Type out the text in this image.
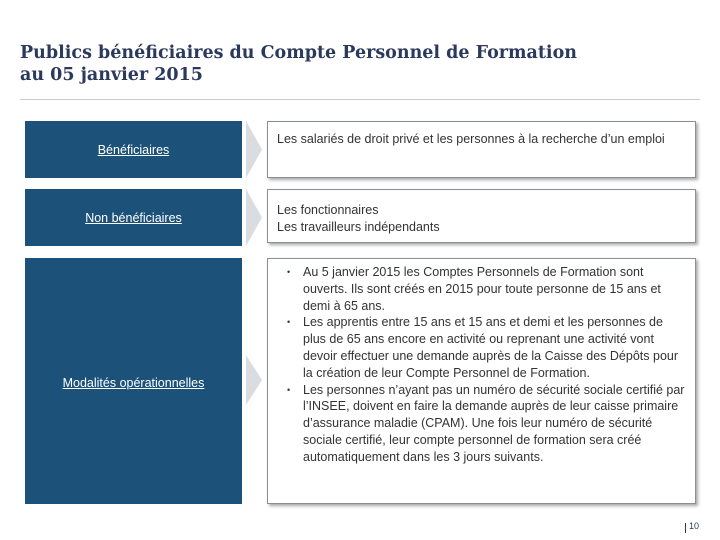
Publics bénéficiaires du Compte Personnel de Formation
au 05 janvier 2015
Bénéficiaires
Les salariés de droit privé et les personnes à la recherche d’un emploi
Non bénéficiaires
Les fonctionnaires
Les travailleurs indépendants
Modalités opérationnelles
• Au 5 janvier 2015 les Comptes Personnels de Formation sont ouverts. Ils sont créés en 2015 pour toute personne de 15 ans et demi à 65 ans.
• Les apprentis entre 15 ans et 15 ans et demi et les personnes de plus de 65 ans encore en activité ou reprenant une activité vont devoir effectuer une demande auprès de la Caisse des Dépôts pour la création de leur Compte Personnel de Formation.
• Les personnes n’ayant pas un numéro de sécurité sociale certifié par l’INSEE, doivent en faire la demande auprès de leur caisse primaire d’assurance maladie (CPAM). Une fois leur numéro de sécurité sociale certifié, leur compte personnel de formation sera créé automatiquement dans les 3 jours suivants.
10
